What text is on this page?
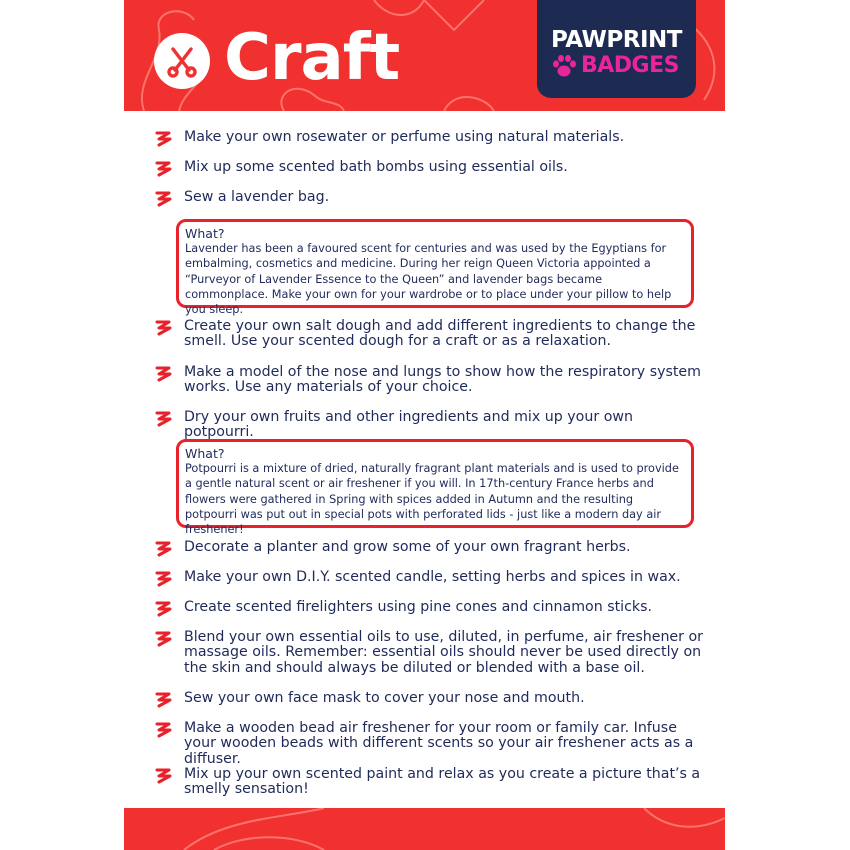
Craft	PAWPRINT
BADGES
Make your own rosewater or perfume using natural materials.
Mix up some scented bath bombs using essential oils.
Sew a lavender bag.
What?
Lavender has been a favoured scent for centuries and was used by the Egyptians for embalming, cosmetics and medicine. During her reign Queen Victoria appointed a “Purveyor of Lavender Essence to the Queen” and lavender bags became commonplace. Make your own for your wardrobe or to place under your pillow to help you sleep.
Create your own salt dough and add different ingredients to change the smell. Use your scented dough for a craft or as a relaxation.
Make a model of the nose and lungs to show how the respiratory system works. Use any materials of your choice.
Dry your own fruits and other ingredients and mix up your own potpourri.
What?
Potpourri is a mixture of dried, naturally fragrant plant materials and is used to provide a gentle natural scent or air freshener if you will. In 17th-century France herbs and flowers were gathered in Spring with spices added in Autumn and the resulting potpourri was put out in special pots with perforated lids - just like a modern day air freshener!
Decorate a planter and grow some of your own fragrant herbs.
Make your own D.I.Y. scented candle, setting herbs and spices in wax.
Create scented firelighters using pine cones and cinnamon sticks.
Blend your own essential oils to use, diluted, in perfume, air freshener or massage oils. Remember: essential oils should never be used directly on the skin and should always be diluted or blended with a base oil.
Sew your own face mask to cover your nose and mouth.
Make a wooden bead air freshener for your room or family car. Infuse your wooden beads with different scents so your air freshener acts as a diffuser.
Mix up your own scented paint and relax as you create a picture that’s a smelly sensation!
